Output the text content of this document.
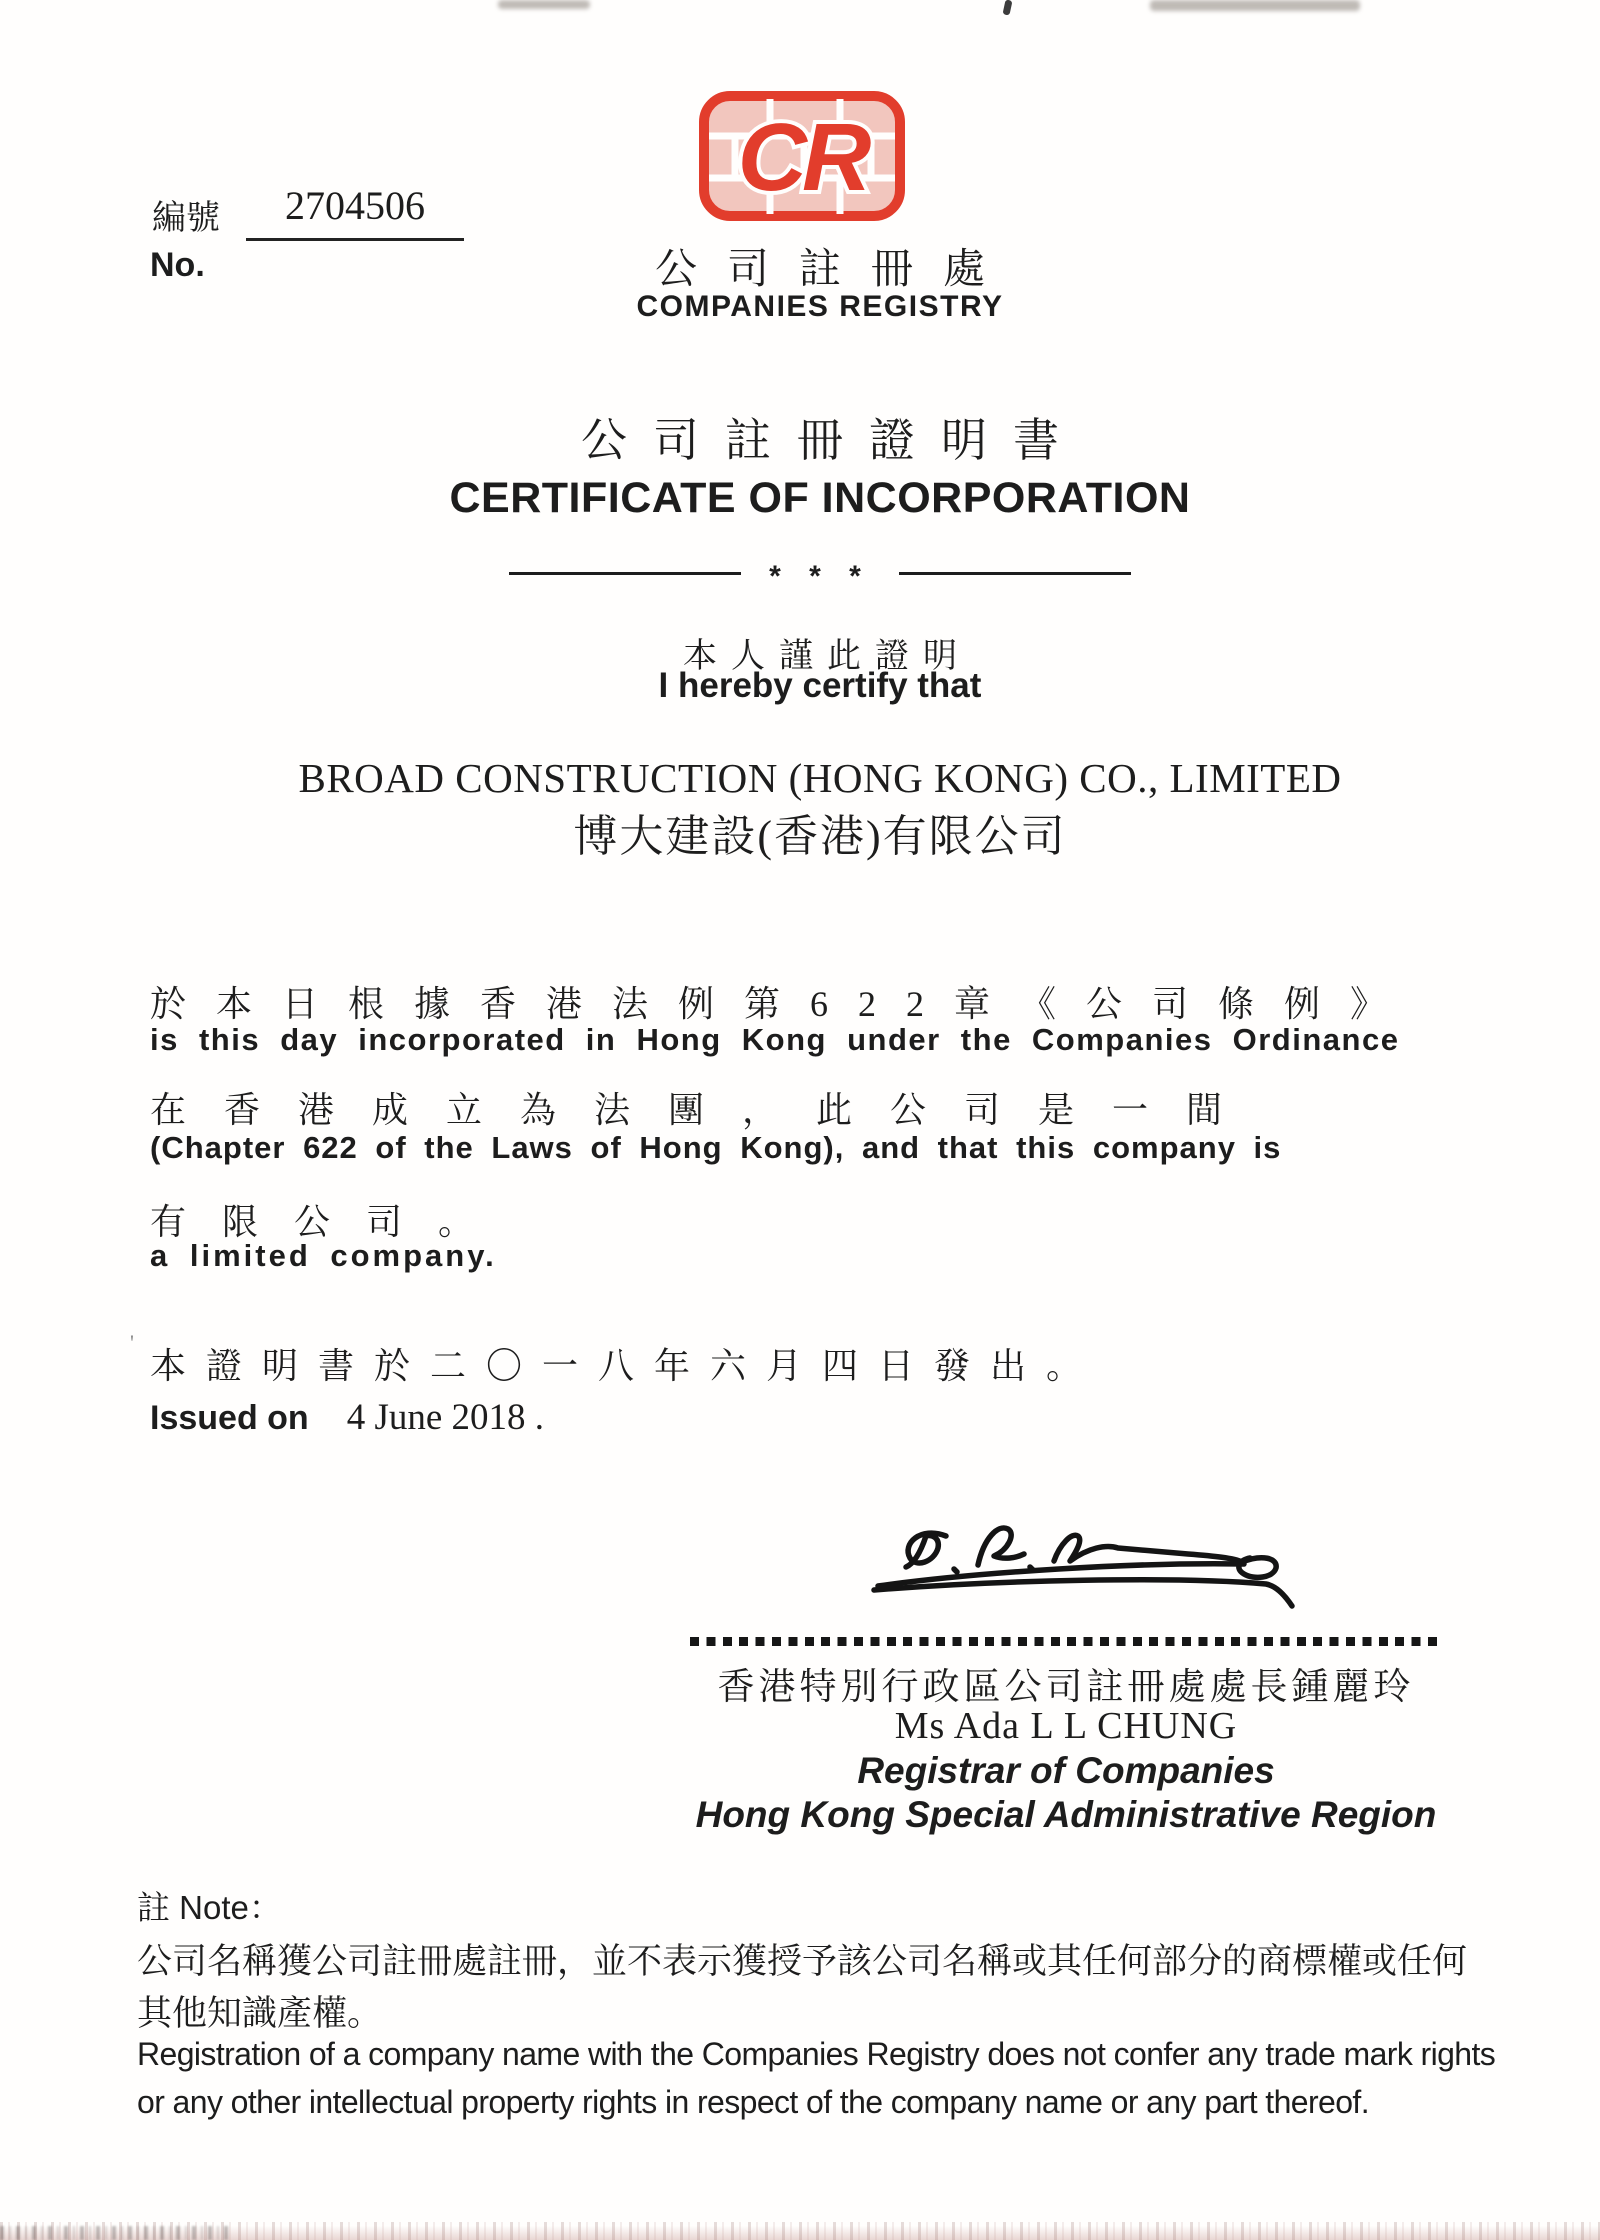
編號	2704506
No.
CR
公司註冊處
COMPANIES REGISTRY
公司註冊證明書
CERTIFICATE OF INCORPORATION
* * *
本人謹此證明
I hereby certify that
BROAD CONSTRUCTION (HONG KONG) CO., LIMITED
博大建設(香港)有限公司
於本日根據香港法例第622章《公司條例》
is this day incorporated in Hong Kong under the Companies Ordinance
在香港成立為法團，此公司是一間
(Chapter 622 of the Laws of Hong Kong), and that this company is
有限公司。
a limited company.
'
本證明書於二〇一八年六月四日發出。
Issued on 4 June 2018 .
香港特別行政區公司註冊處處長鍾麗玲
Ms Ada L L CHUNG
Registrar of Companies
Hong Kong Special Administrative Region
註 Note：
公司名稱獲公司註冊處註冊，並不表示獲授予該公司名稱或其任何部分的商標權或任何
其他知識產權。
Registration of a company name with the Companies Registry does not confer any trade mark rights
or any other intellectual property rights in respect of the company name or any part thereof.
